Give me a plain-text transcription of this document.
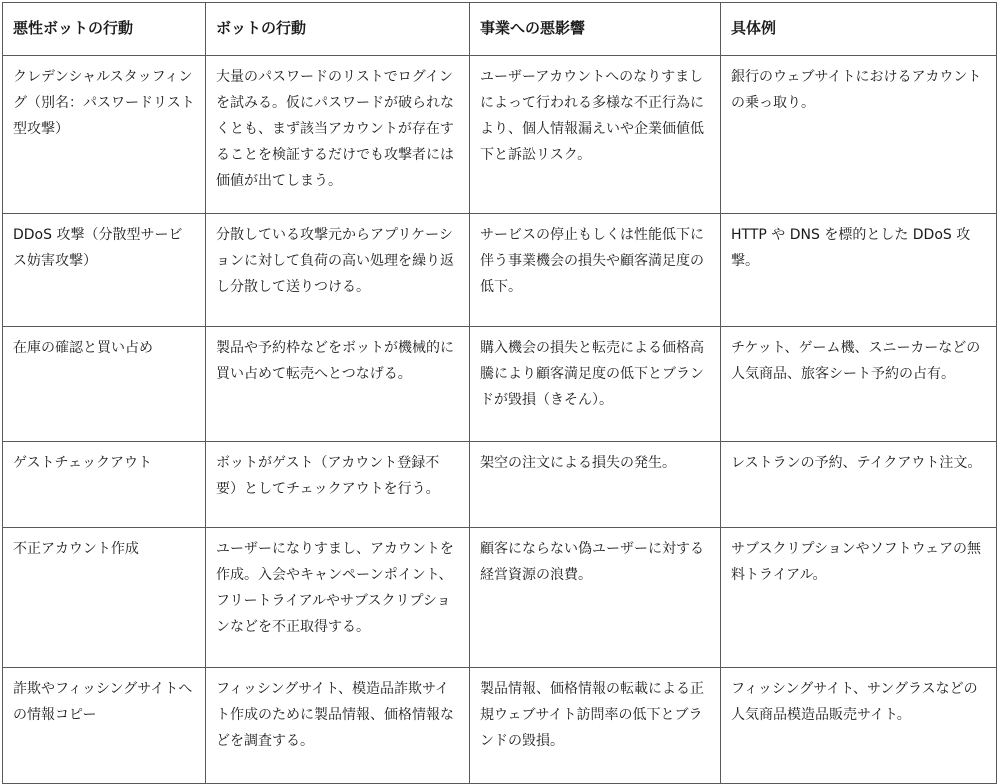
悪性ボットの行動	ボットの行動	事業への悪影響	具体例
クレデンシャルスタッフィング（別名：パスワードリスト型攻撃）	大量のパスワードのリストでログインを試みる。仮にパスワードが破られなくとも、まず該当アカウントが存在することを検証するだけでも攻撃者には価値が出てしまう。	ユーザーアカウントへのなりすましによって行われる多様な不正行為により、個人情報漏えいや企業価値低下と訴訟リスク。	銀行のウェブサイトにおけるアカウントの乗っ取り。
DDoS 攻撃（分散型サービス妨害攻撃）	分散している攻撃元からアプリケーションに対して負荷の高い処理を繰り返し分散して送りつける。	サービスの停止もしくは性能低下に伴う事業機会の損失や顧客満足度の低下。	HTTP や DNS を標的とした DDoS 攻撃。
在庫の確認と買い占め	製品や予約枠などをボットが機械的に買い占めて転売へとつなげる。	購入機会の損失と転売による価格高騰により顧客満足度の低下とブランドが毀損（きそん）。	チケット、ゲーム機、スニーカーなどの人気商品、旅客シート予約の占有。
ゲストチェックアウト	ボットがゲスト（アカウント登録不要）としてチェックアウトを行う。	架空の注文による損失の発生。	レストランの予約、テイクアウト注文。
不正アカウント作成	ユーザーになりすまし、アカウントを作成。入会やキャンペーンポイント、フリートライアルやサブスクリプションなどを不正取得する。	顧客にならない偽ユーザーに対する経営資源の浪費。	サブスクリプションやソフトウェアの無料トライアル。
詐欺やフィッシングサイトへの情報コピー	フィッシングサイト、模造品詐欺サイト作成のために製品情報、価格情報などを調査する。	製品情報、価格情報の転載による正規ウェブサイト訪問率の低下とブランドの毀損。	フィッシングサイト、サングラスなどの人気商品模造品販売サイト。
